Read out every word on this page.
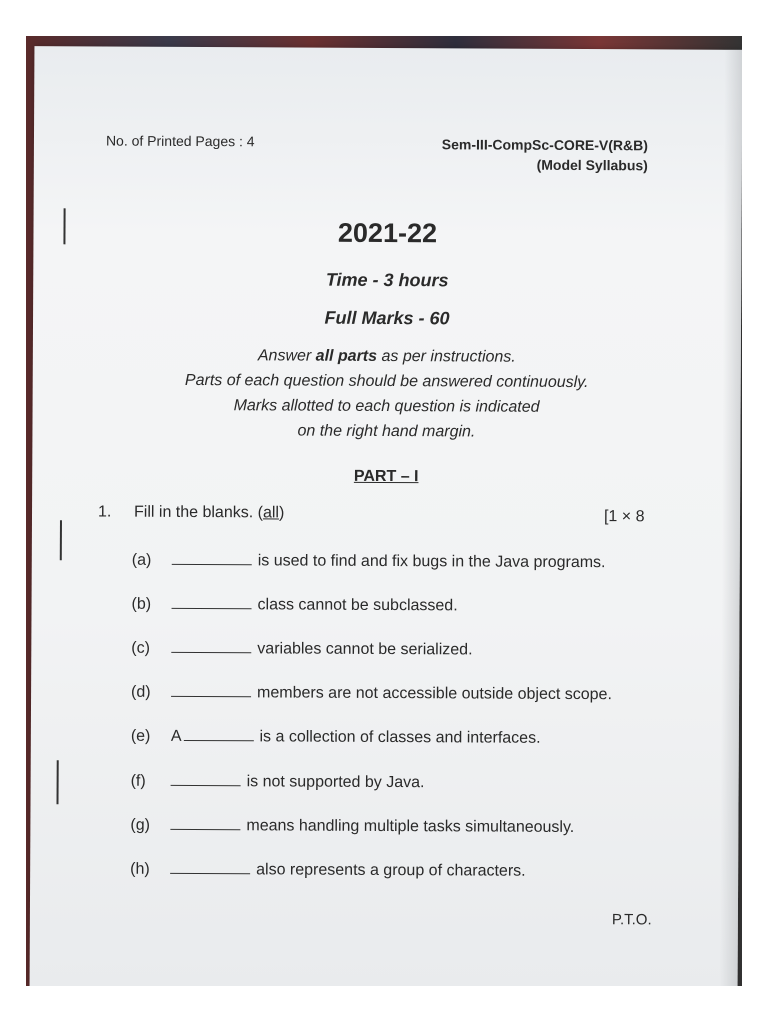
No. of Printed Pages : 4	Sem-III-CompSc-CORE-V(R&B)
(Model Syllabus)
2021-22
Time - 3 hours
Full Marks - 60
Answer all parts as per instructions.
Parts of each question should be answered continuously.
Marks allotted to each question is indicated
on the right hand margin.
PART – I
1. Fill in the blanks. (all)	[1 × 8
(a)	is used to find and fix bugs in the Java programs.
(b)	class cannot be subclassed.
(c)	variables cannot be serialized.
(d)	members are not accessible outside object scope.
(e) A	is a collection of classes and interfaces.
(f)	is not supported by Java.
(g)	means handling multiple tasks simultaneously.
(h)	also represents a group of characters.
P.T.O.
